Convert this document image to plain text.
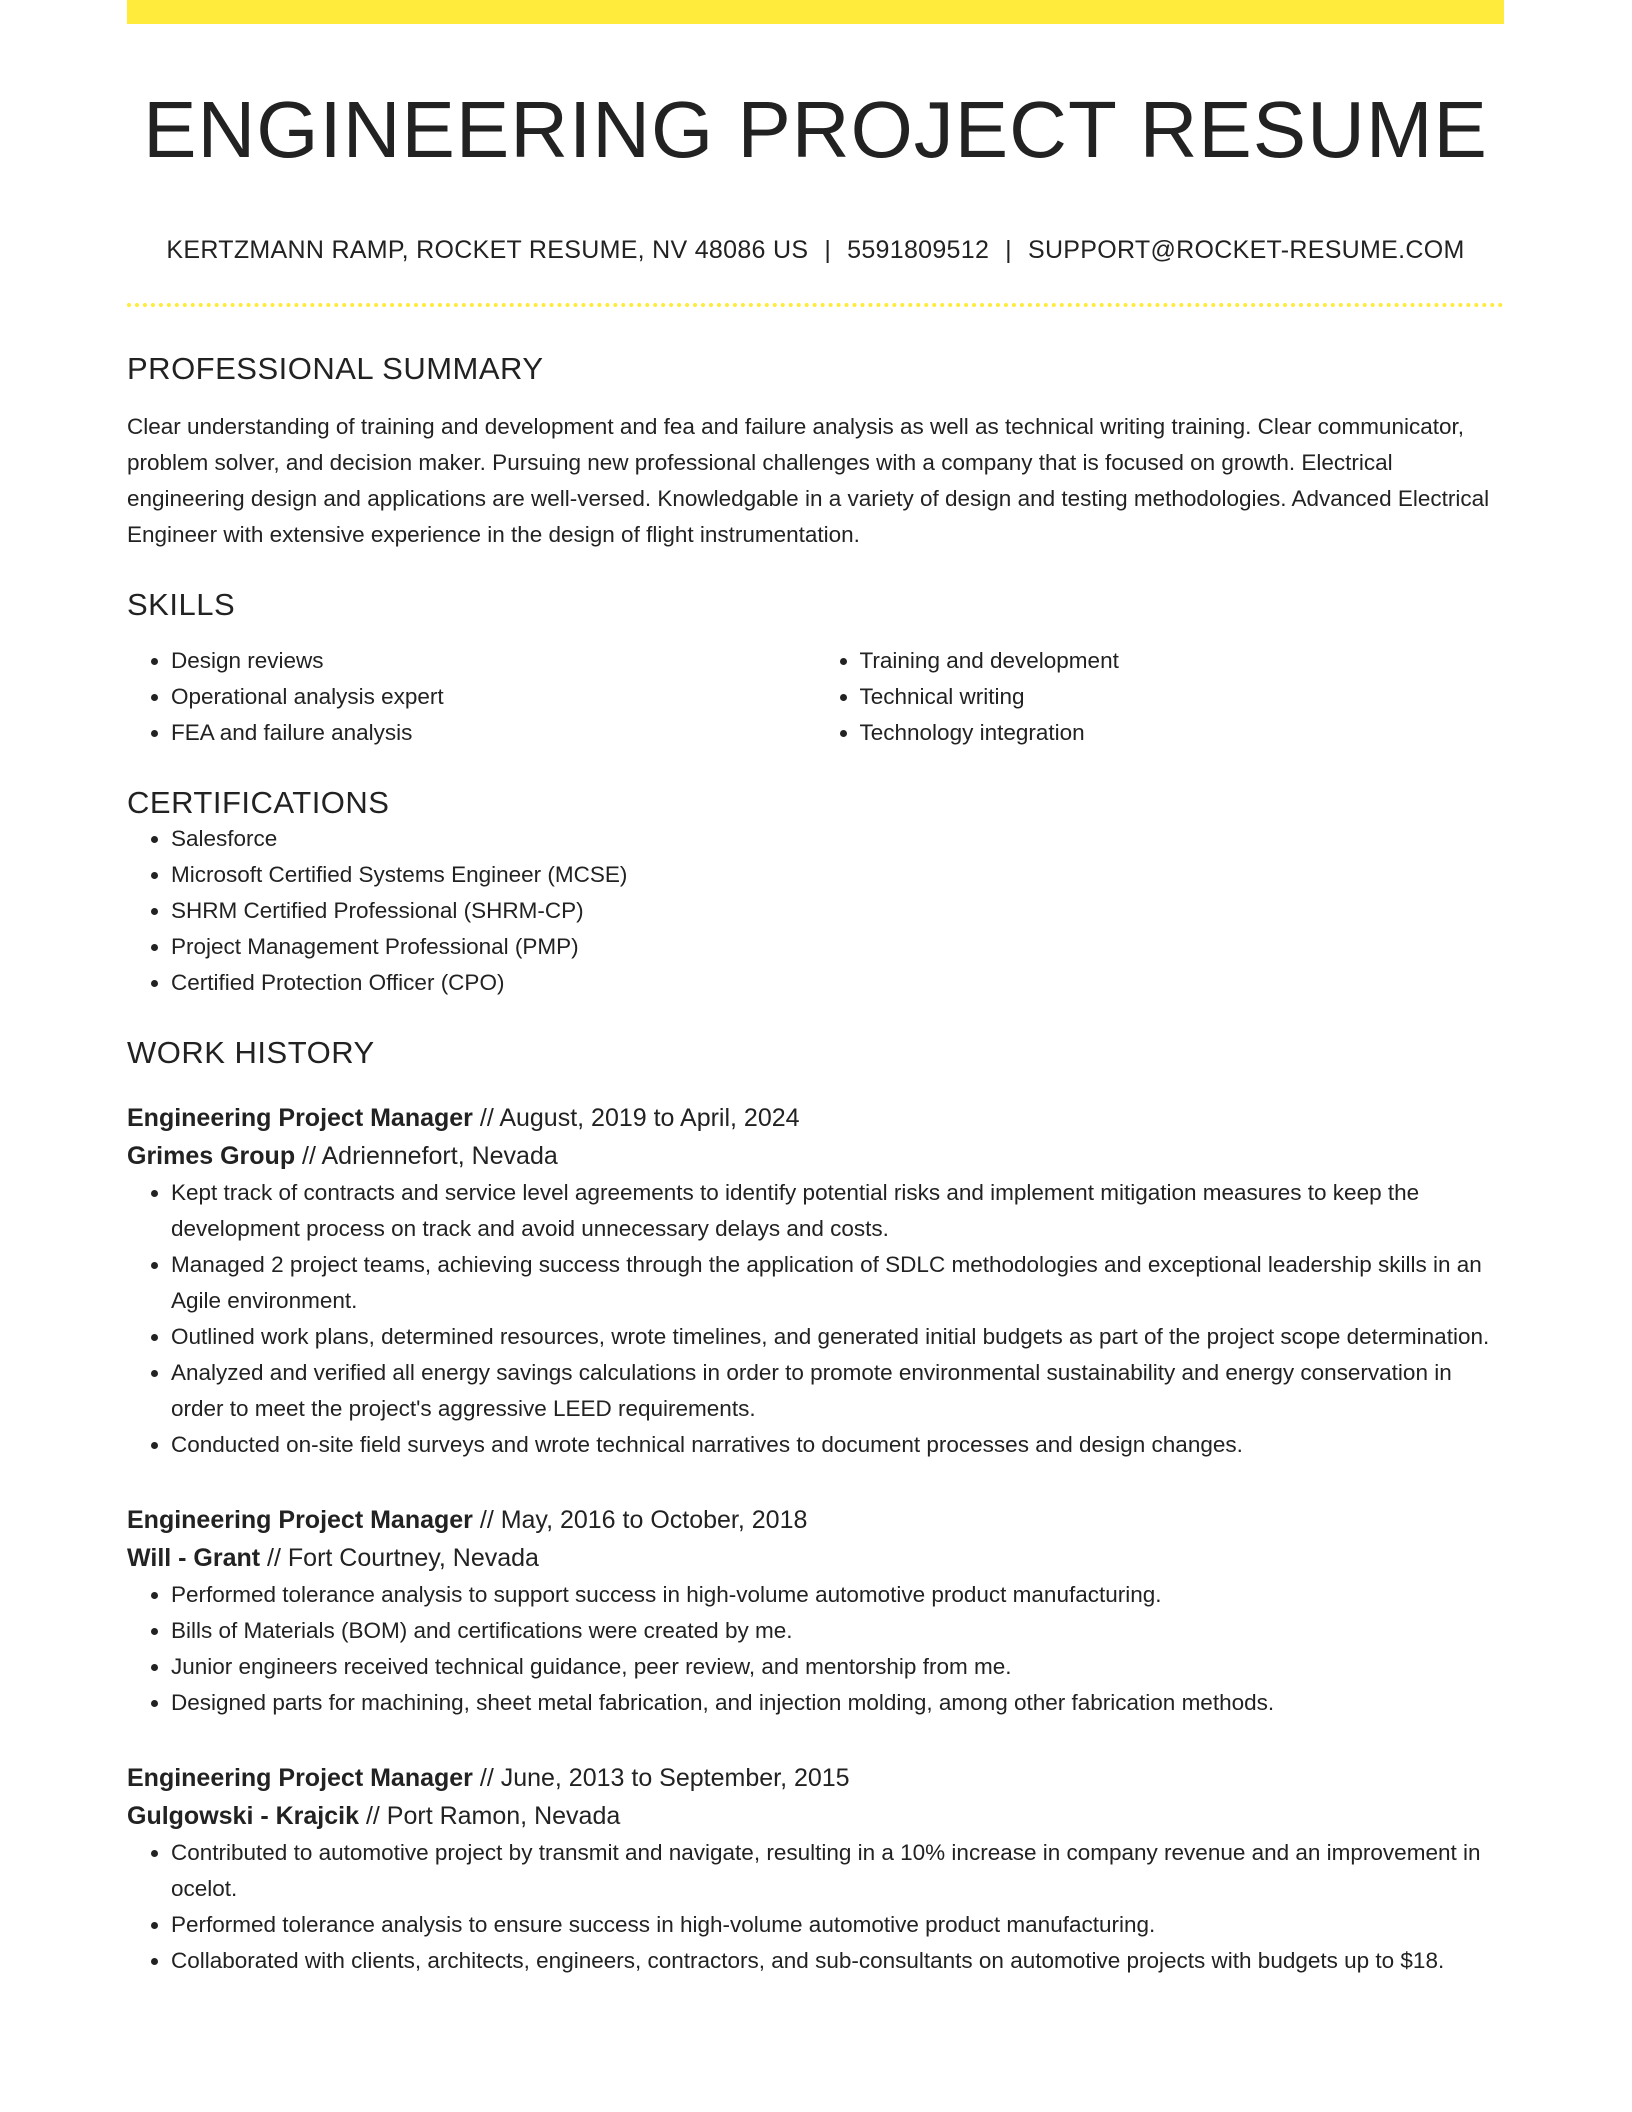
ENGINEERING PROJECT RESUME
KERTZMANN RAMP, ROCKET RESUME, NV 48086 US | 5591809512 | SUPPORT@ROCKET-RESUME.COM
PROFESSIONAL SUMMARY

Clear understanding of training and development and fea and failure analysis as well as technical writing training. Clear communicator, problem solver, and decision maker. Pursuing new professional challenges with a company that is focused on growth. Electrical engineering design and applications are well-versed. Knowledgable in a variety of design and testing methodologies. Advanced Electrical Engineer with extensive experience in the design of flight instrumentation.

SKILLS
• Design reviews
• Operational analysis expert
• FEA and failure analysis
• Training and development
• Technical writing
• Technology integration
CERTIFICATIONS
• Salesforce
• Microsoft Certified Systems Engineer (MCSE)
• SHRM Certified Professional (SHRM-CP)
• Project Management Professional (PMP)
• Certified Protection Officer (CPO)
WORK HISTORY
Engineering Project Manager // August, 2019 to April, 2024
Grimes Group // Adriennefort, Nevada
• Kept track of contracts and service level agreements to identify potential risks and implement mitigation measures to keep the development process on track and avoid unnecessary delays and costs.
• Managed 2 project teams, achieving success through the application of SDLC methodologies and exceptional leadership skills in an Agile environment.
• Outlined work plans, determined resources, wrote timelines, and generated initial budgets as part of the project scope determination.
• Analyzed and verified all energy savings calculations in order to promote environmental sustainability and energy conservation in order to meet the project's aggressive LEED requirements.
• Conducted on-site field surveys and wrote technical narratives to document processes and design changes.
Engineering Project Manager // May, 2016 to October, 2018
Will - Grant // Fort Courtney, Nevada
• Performed tolerance analysis to support success in high-volume automotive product manufacturing.
• Bills of Materials (BOM) and certifications were created by me.
• Junior engineers received technical guidance, peer review, and mentorship from me.
• Designed parts for machining, sheet metal fabrication, and injection molding, among other fabrication methods.
Engineering Project Manager // June, 2013 to September, 2015
Gulgowski - Krajcik // Port Ramon, Nevada
• Contributed to automotive project by transmit and navigate, resulting in a 10% increase in company revenue and an improvement in ocelot.
• Performed tolerance analysis to ensure success in high-volume automotive product manufacturing.
• Collaborated with clients, architects, engineers, contractors, and sub-consultants on automotive projects with budgets up to $18.
